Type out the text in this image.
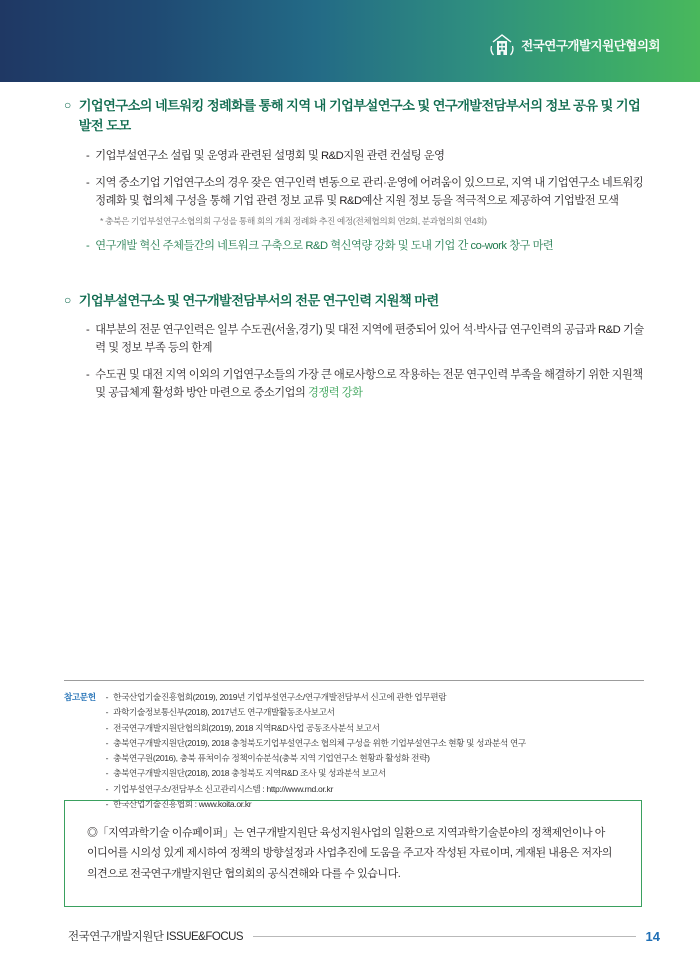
전국연구개발지원단협의회
○ 기업연구소의 네트워킹 정례화를 통해 지역 내 기업부설연구소 및 연구개발전담부서의 정보 공유 및 기업발전 도모
- 기업부설연구소 설립 및 운영과 관련된 설명회 및 R&D지원 관련 컨설팅 운영
- 지역 중소기업 기업연구소의 경우 잦은 연구인력 변동으로 관리·운영에 어려움이 있으므로, 지역 내 기업연구소 네트워킹 정례화 및 협의체 구성을 통해 기업 관련 정보 교류 및 R&D예산 지원 정보 등을 적극적으로 제공하여 기업발전 모색
* 충북은 기업부설연구소협의회 구성을 통해 회의 개최 정례화 추진 예정(전체협의회 연2회, 분과협의회 연4회)
- 연구개발 혁신 주체들간의 네트워크 구축으로 R&D 혁신역량 강화 및 도내 기업 간 co-work 창구 마련
○ 기업부설연구소 및 연구개발전담부서의 전문 연구인력 지원책 마련
- 대부분의 전문 연구인력은 일부 수도권(서울,경기) 및 대전 지역에 편중되어 있어 석·박사급 연구인력의 공급과 R&D 기술력 및 정보 부족 등의 한계
- 수도권 및 대전 지역 이외의 기업연구소들의 가장 큰 애로사항으로 작용하는 전문 연구인력 부족을 해결하기 위한 지원책 및 공급체계 활성화 방안 마련으로 중소기업의 경쟁력 강화
참고문헌 - 한국산업기술진흥협회(2019), 2019년 기업부설연구소/연구개발전담부서 신고에 관한 업무편람
- 과학기술정보통신부(2018), 2017년도 연구개발활동조사보고서
- 전국연구개발지원단협의회(2019), 2018 지역R&D사업 공동조사분석 보고서
- 충북연구개발지원단(2019), 2018 충청북도기업부설연구소 협의체 구성을 위한 기업부설연구소 현황 및 성과분석 연구
- 충북연구원(2016), 충북 퓨쳐이슈 정책이슈분석(충북 지역 기업연구소 현황과 활성화 전략)
- 충북연구개발지원단(2018), 2018 충청북도 지역R&D 조사 및 성과분석 보고서
- 기업부설연구소/전담부소 신고관리시스템 : http://www.rnd.or.kr
- 한국산업기술진흥협회 : www.koita.or.kr
◎「지역과학기술 이슈페이퍼」는 연구개발지원단 육성지원사업의 일환으로 지역과학기술분야의 정책제언이나 아이디어를 시의성 있게 제시하여 정책의 방향설정과 사업추진에 도움을 주고자 작성된 자료이며, 게재된 내용은 저자의 의견으로 전국연구개발지원단 협의회의 공식견해와 다를 수 있습니다.
전국연구개발지원단 ISSUE&FOCUS	14
